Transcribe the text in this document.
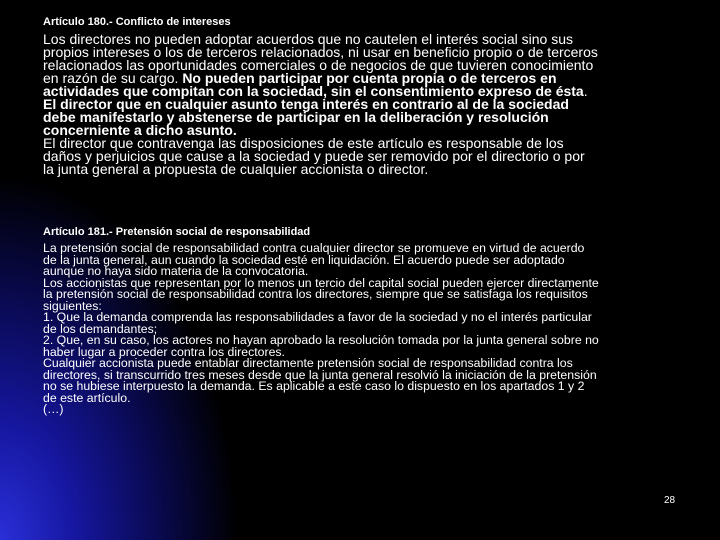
Artículo 180.- Conflicto de intereses
Los directores no pueden adoptar acuerdos que no cautelen el interés social sino sus
propios intereses o los de terceros relacionados, ni usar en beneficio propio o de terceros
relacionados las oportunidades comerciales o de negocios de que tuvieren conocimiento
en razón de su cargo. No pueden participar por cuenta propia o de terceros en
actividades que compitan con la sociedad, sin el consentimiento expreso de ésta.
El director que en cualquier asunto tenga interés en contrario al de la sociedad
debe manifestarlo y abstenerse de participar en la deliberación y resolución
concerniente a dicho asunto.
El director que contravenga las disposiciones de este artículo es responsable de los
daños y perjuicios que cause a la sociedad y puede ser removido por el directorio o por
la junta general a propuesta de cualquier accionista o director.
Artículo 181.- Pretensión social de responsabilidad
La pretensión social de responsabilidad contra cualquier director se promueve en virtud de acuerdo
de la junta general, aun cuando la sociedad esté en liquidación. El acuerdo puede ser adoptado
aunque no haya sido materia de la convocatoria.
Los accionistas que representan por lo menos un tercio del capital social pueden ejercer directamente
la pretensión social de responsabilidad contra los directores, siempre que se satisfaga los requisitos
siguientes:
1. Que la demanda comprenda las responsabilidades a favor de la sociedad y no el interés particular
de los demandantes;
2. Que, en su caso, los actores no hayan aprobado la resolución tomada por la junta general sobre no
haber lugar a proceder contra los directores.
Cualquier accionista puede entablar directamente pretensión social de responsabilidad contra los
directores, si transcurrido tres meses desde que la junta general resolvió la iniciación de la pretensión
no se hubiese interpuesto la demanda. Es aplicable a este caso lo dispuesto en los apartados 1 y 2
de este artículo.
(…)
28
